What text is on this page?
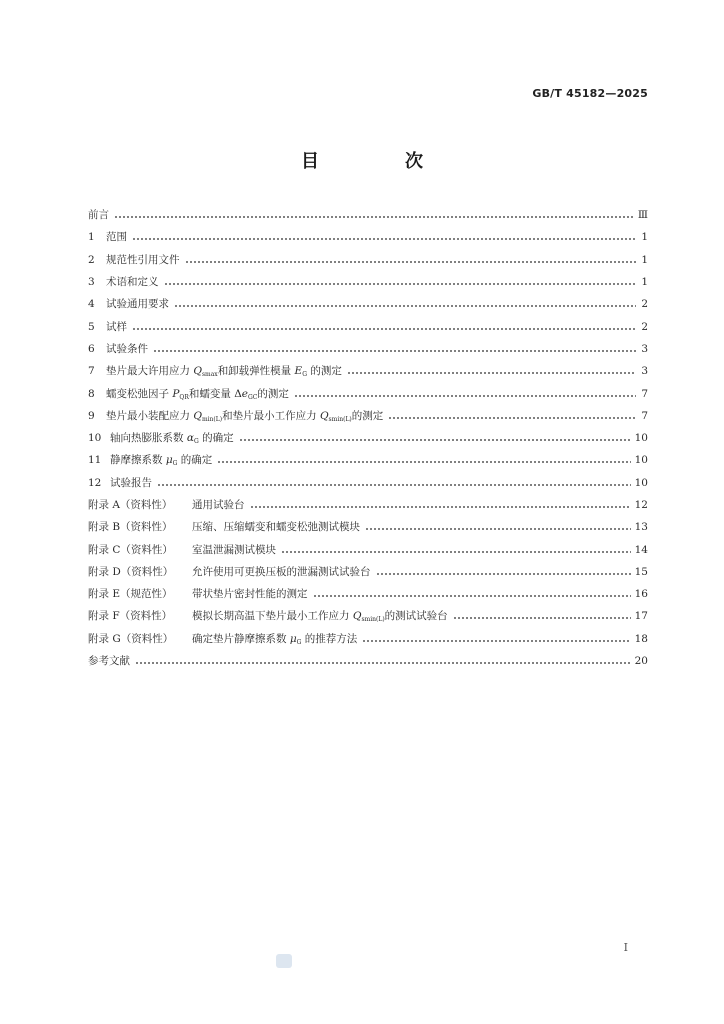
GB/T 45182—2025
目　次
前言	Ⅲ
1 范围	1
2 规范性引用文件	1
3 术语和定义	1
4 试验通用要求	2
5 试样	2
6 试验条件	3
7 垫片最大许用应力 $Q_{smax}$和卸载弹性模量 $E_G$ 的测定	3
8 蠕变松弛因子 $P_{QR}$和蠕变量 $\Delta e_{GC}$的测定	7
9 垫片最小装配应力 $Q_{min(L)}$和垫片最小工作应力 $Q_{smin(L)}$的测定	7
10 轴向热膨胀系数 $\alpha_G$ 的确定	10
11 静摩擦系数 $\mu_G$ 的确定	10
12 试验报告	10
附录 A（资料性） 通用试验台	12
附录 B（资料性） 压缩、压缩蠕变和蠕变松弛测试模块	13
附录 C（资料性） 室温泄漏测试模块	14
附录 D（资料性） 允许使用可更换压板的泄漏测试试验台	15
附录 E（规范性） 带状垫片密封性能的测定	16
附录 F（资料性） 模拟长期高温下垫片最小工作应力 $Q_{smin(L)}$的测试试验台	17
附录 G（资料性） 确定垫片静摩擦系数 $\mu_G$ 的推荐方法	18
参考文献	20
I
